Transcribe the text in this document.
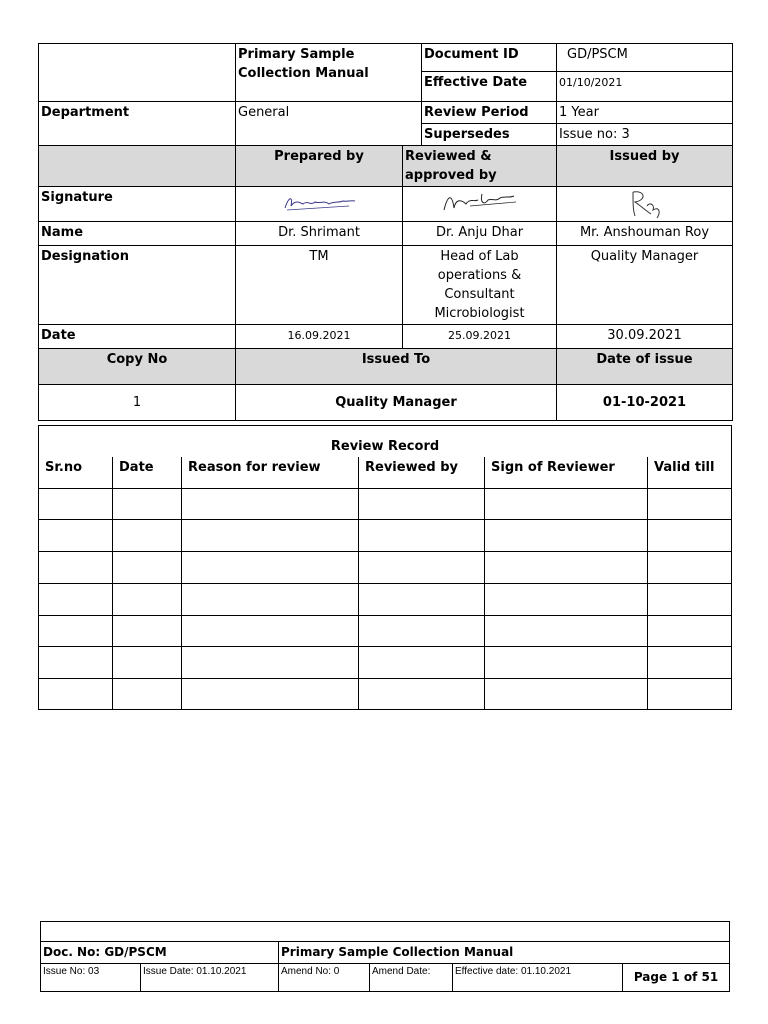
	Primary Sample Collection Manual		Document ID	GD/PSCM
			Effective Date	01/10/2021
Department	General		Review Period	1 Year
			Supersedes	Issue no: 3
	Prepared by	Reviewed & approved by		Issued by
Signature	

Name	Dr. Shrimant	Dr. Anju Dhar		Mr. Anshouman Roy
Designation	TM	Head of Lab operations & Consultant Microbiologist		Quality Manager
Date	16.09.2021	25.09.2021		30.09.2021
Copy No	Issued To			Date of issue
1	Quality Manager			01-10-2021
Review Record					
Sr.no	Date	Reason for review	Reviewed by	Sign of Reviewer	Valid till

Doc. No: GD/PSCM		Primary Sample Collection Manual			
Issue No: 03	Issue Date: 01.10.2021	Amend No: 0	Amend Date:	Effective date: 01.10.2021	Page 1 of 51
